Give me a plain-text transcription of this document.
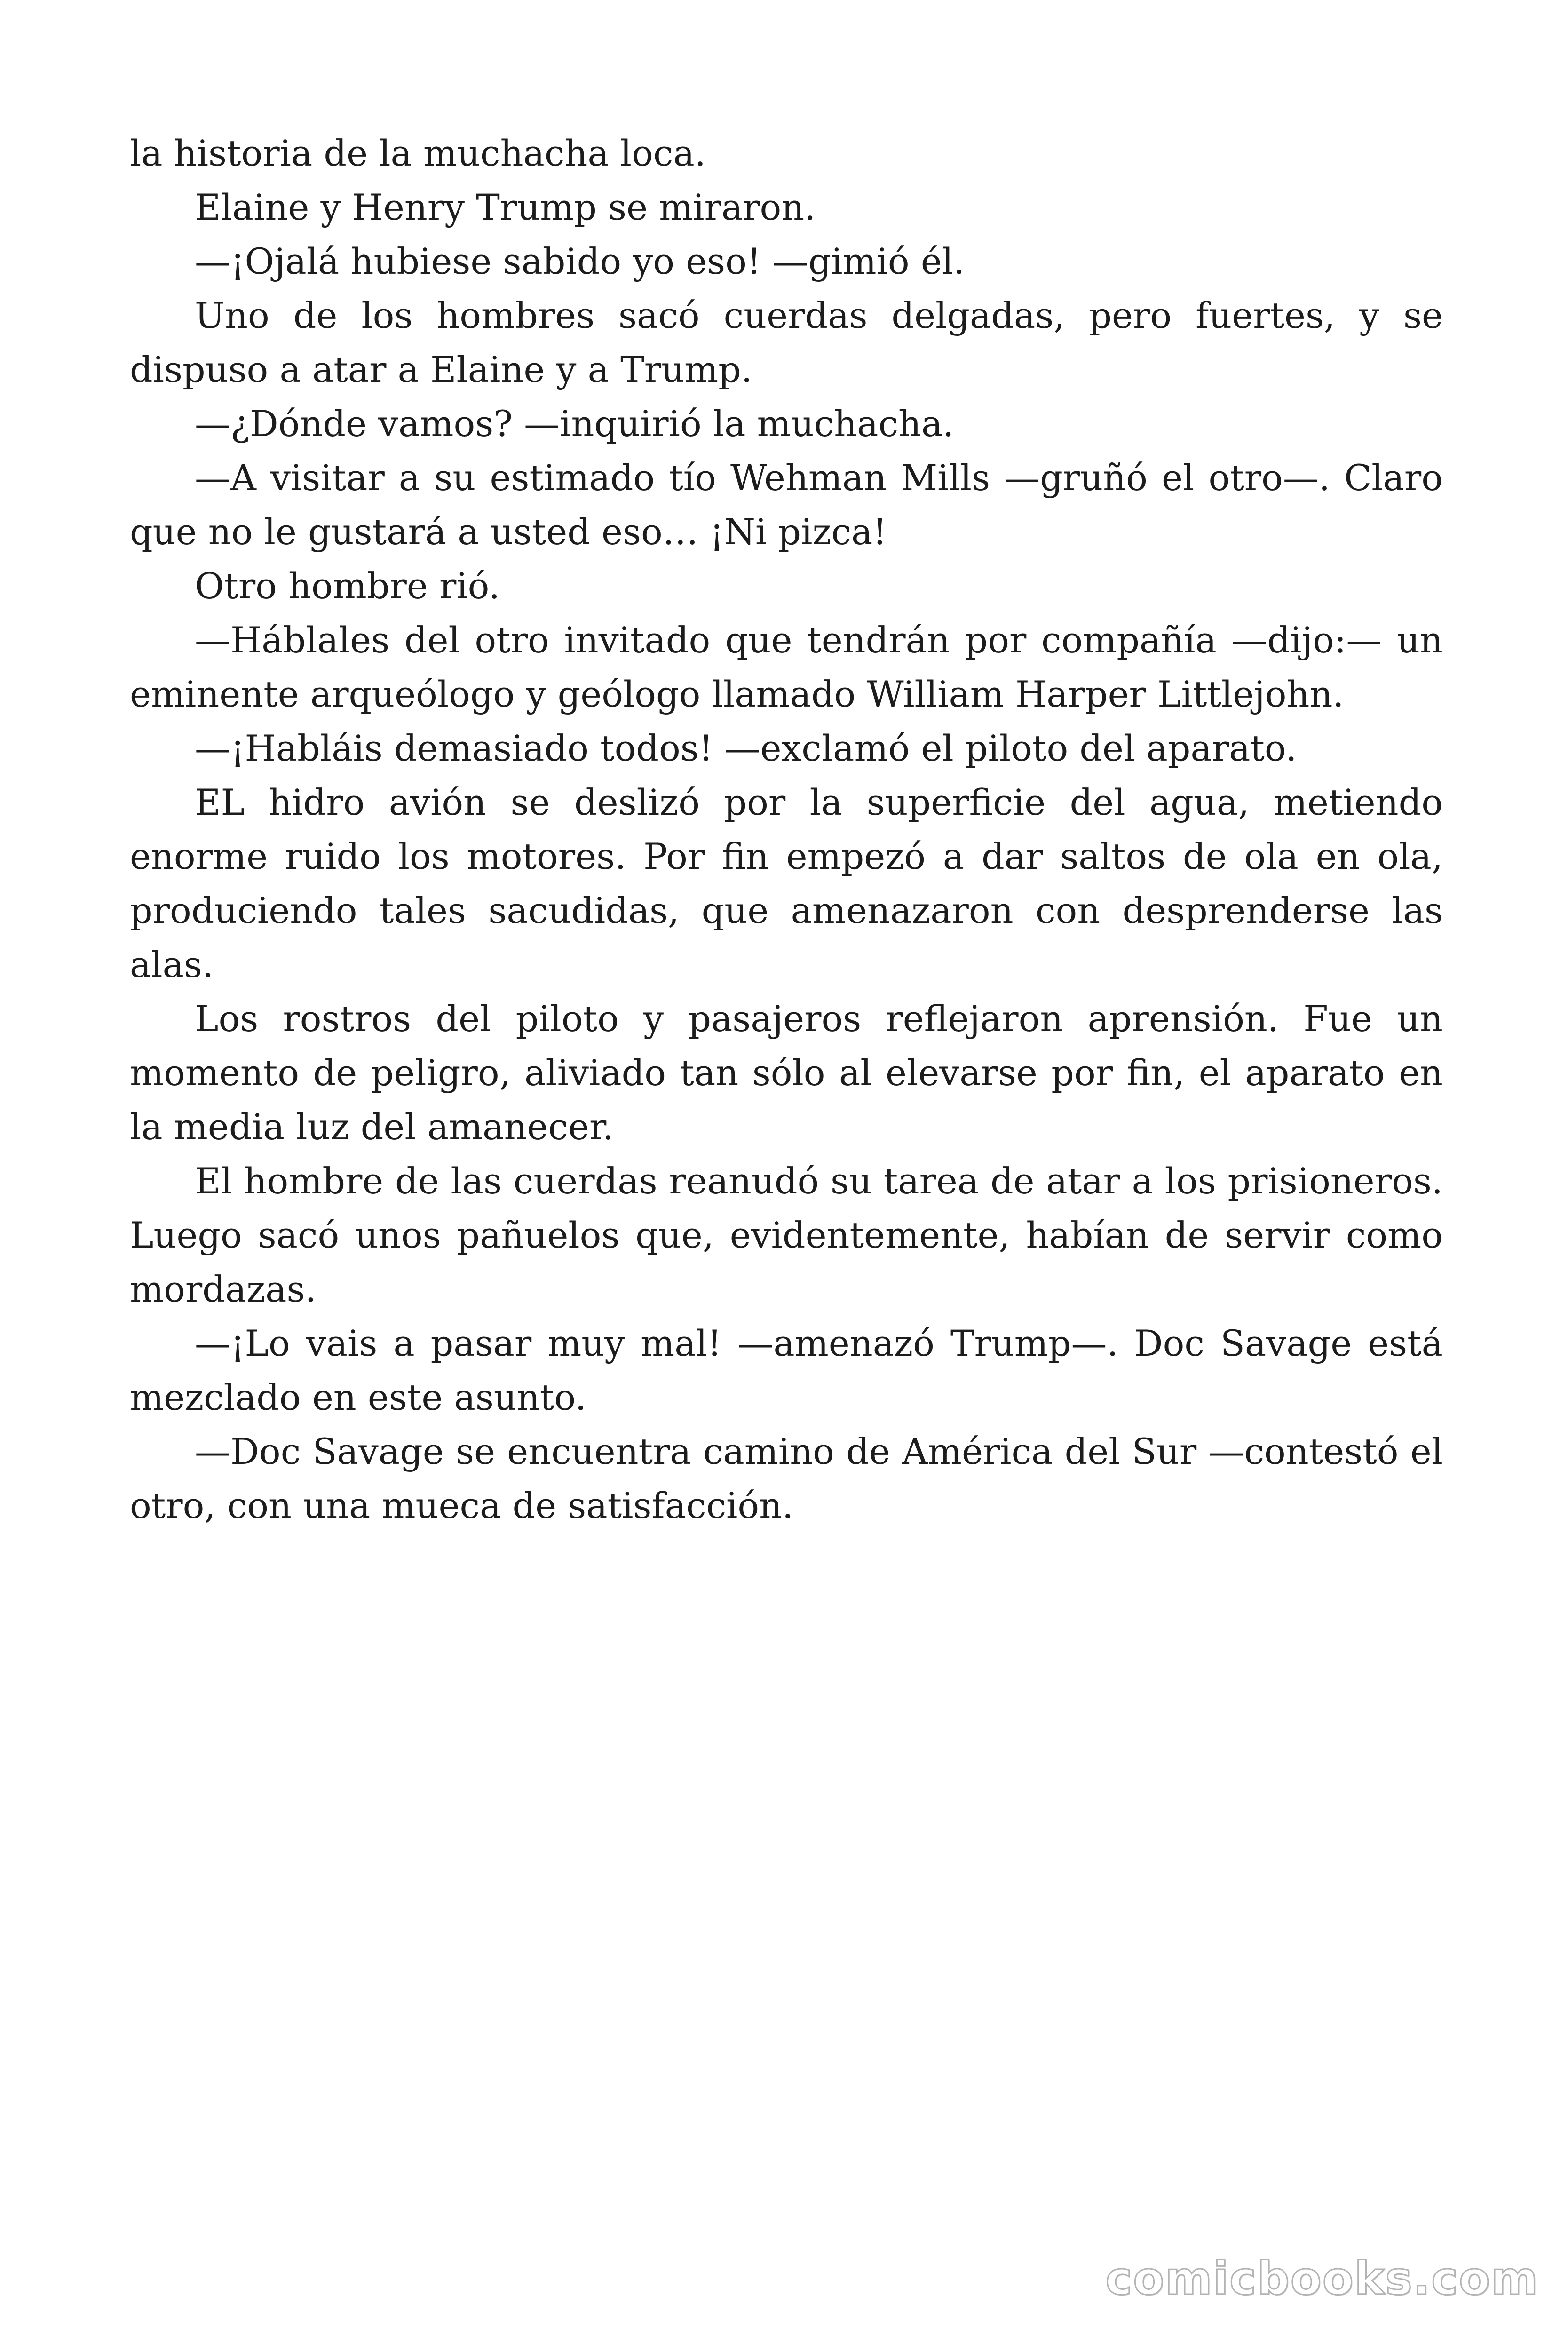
la historia de la muchacha loca.

Elaine y Henry Trump se miraron.

—¡Ojalá hubiese sabido yo eso! —gimió él.

Uno de los hombres sacó cuerdas delgadas, pero fuertes, y se dispuso a atar a Elaine y a Trump.

—¿Dónde vamos? —inquirió la muchacha.

—A visitar a su estimado tío Wehman Mills —gruñó el otro—. Claro que no le gustará a usted eso… ¡Ni pizca!

Otro hombre rió.

—Háblales del otro invitado que tendrán por compañía —dijo:— un eminente arqueólogo y geólogo llamado William Harper Littlejohn.

—¡Habláis demasiado todos! —exclamó el piloto del aparato.

EL hidro avión se deslizó por la superficie del agua, metiendo enorme ruido los motores. Por fin empezó a dar saltos de ola en ola, produciendo tales sacudidas, que amenazaron con desprenderse las alas.

Los rostros del piloto y pasajeros reflejaron aprensión. Fue un momento de peligro, aliviado tan sólo al elevarse por fin, el aparato en la media luz del amanecer.

El hombre de las cuerdas reanudó su tarea de atar a los prisioneros. Luego sacó unos pañuelos que, evidentemente, habían de servir como mordazas.

—¡Lo vais a pasar muy mal! —amenazó Trump—. Doc Savage está mezclado en este asunto.

—Doc Savage se encuentra camino de América del Sur —contestó el otro, con una mueca de satisfacción.

comicbooks.com
